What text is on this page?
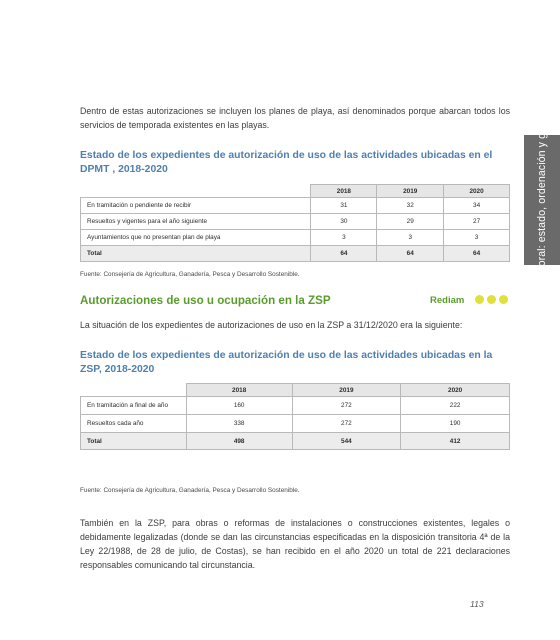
1.5 Litoral: estado, ordenación y gestión

Dentro de estas autorizaciones se incluyen los planes de playa, así denominados porque abarcan todos los servicios de temporada existentes en las playas.

Estado de los expedientes de autorización de uso de las actividades ubicadas en el DPMT , 2018-2020
	2018	2019	2020
En tramitación o pendiente de recibir	31	32	34
Resueltos y vigentes para el año siguiente	30	29	27
Ayuntamientos que no presentan plan de playa	3	3	3
Total	64	64	64

Fuente: Consejería de Agricultura, Ganadería, Pesca y Desarrollo Sostenible.

Autorizaciones de uso u ocupación en la ZSP	Rediam

La situación de los expedientes de autorizaciones de uso en la ZSP a 31/12/2020 era la siguiente:

Estado de los expedientes de autorización de uso de las actividades ubicadas en la ZSP, 2018-2020
	2018	2019	2020
En tramitación a final de año	160	272	222
Resueltos cada año	338	272	190
Total	498	544	412

Fuente: Consejería de Agricultura, Ganadería, Pesca y Desarrollo Sostenible.

También en la ZSP, para obras o reformas de instalaciones o construcciones existentes, legales o debidamente legalizadas (donde se dan las circunstancias especificadas en la disposición transitoria 4ª de la Ley 22/1988, de 28 de julio, de Costas), se han recibido en el año 2020 un total de 221 declaraciones responsables comunicando tal circunstancia.

113
